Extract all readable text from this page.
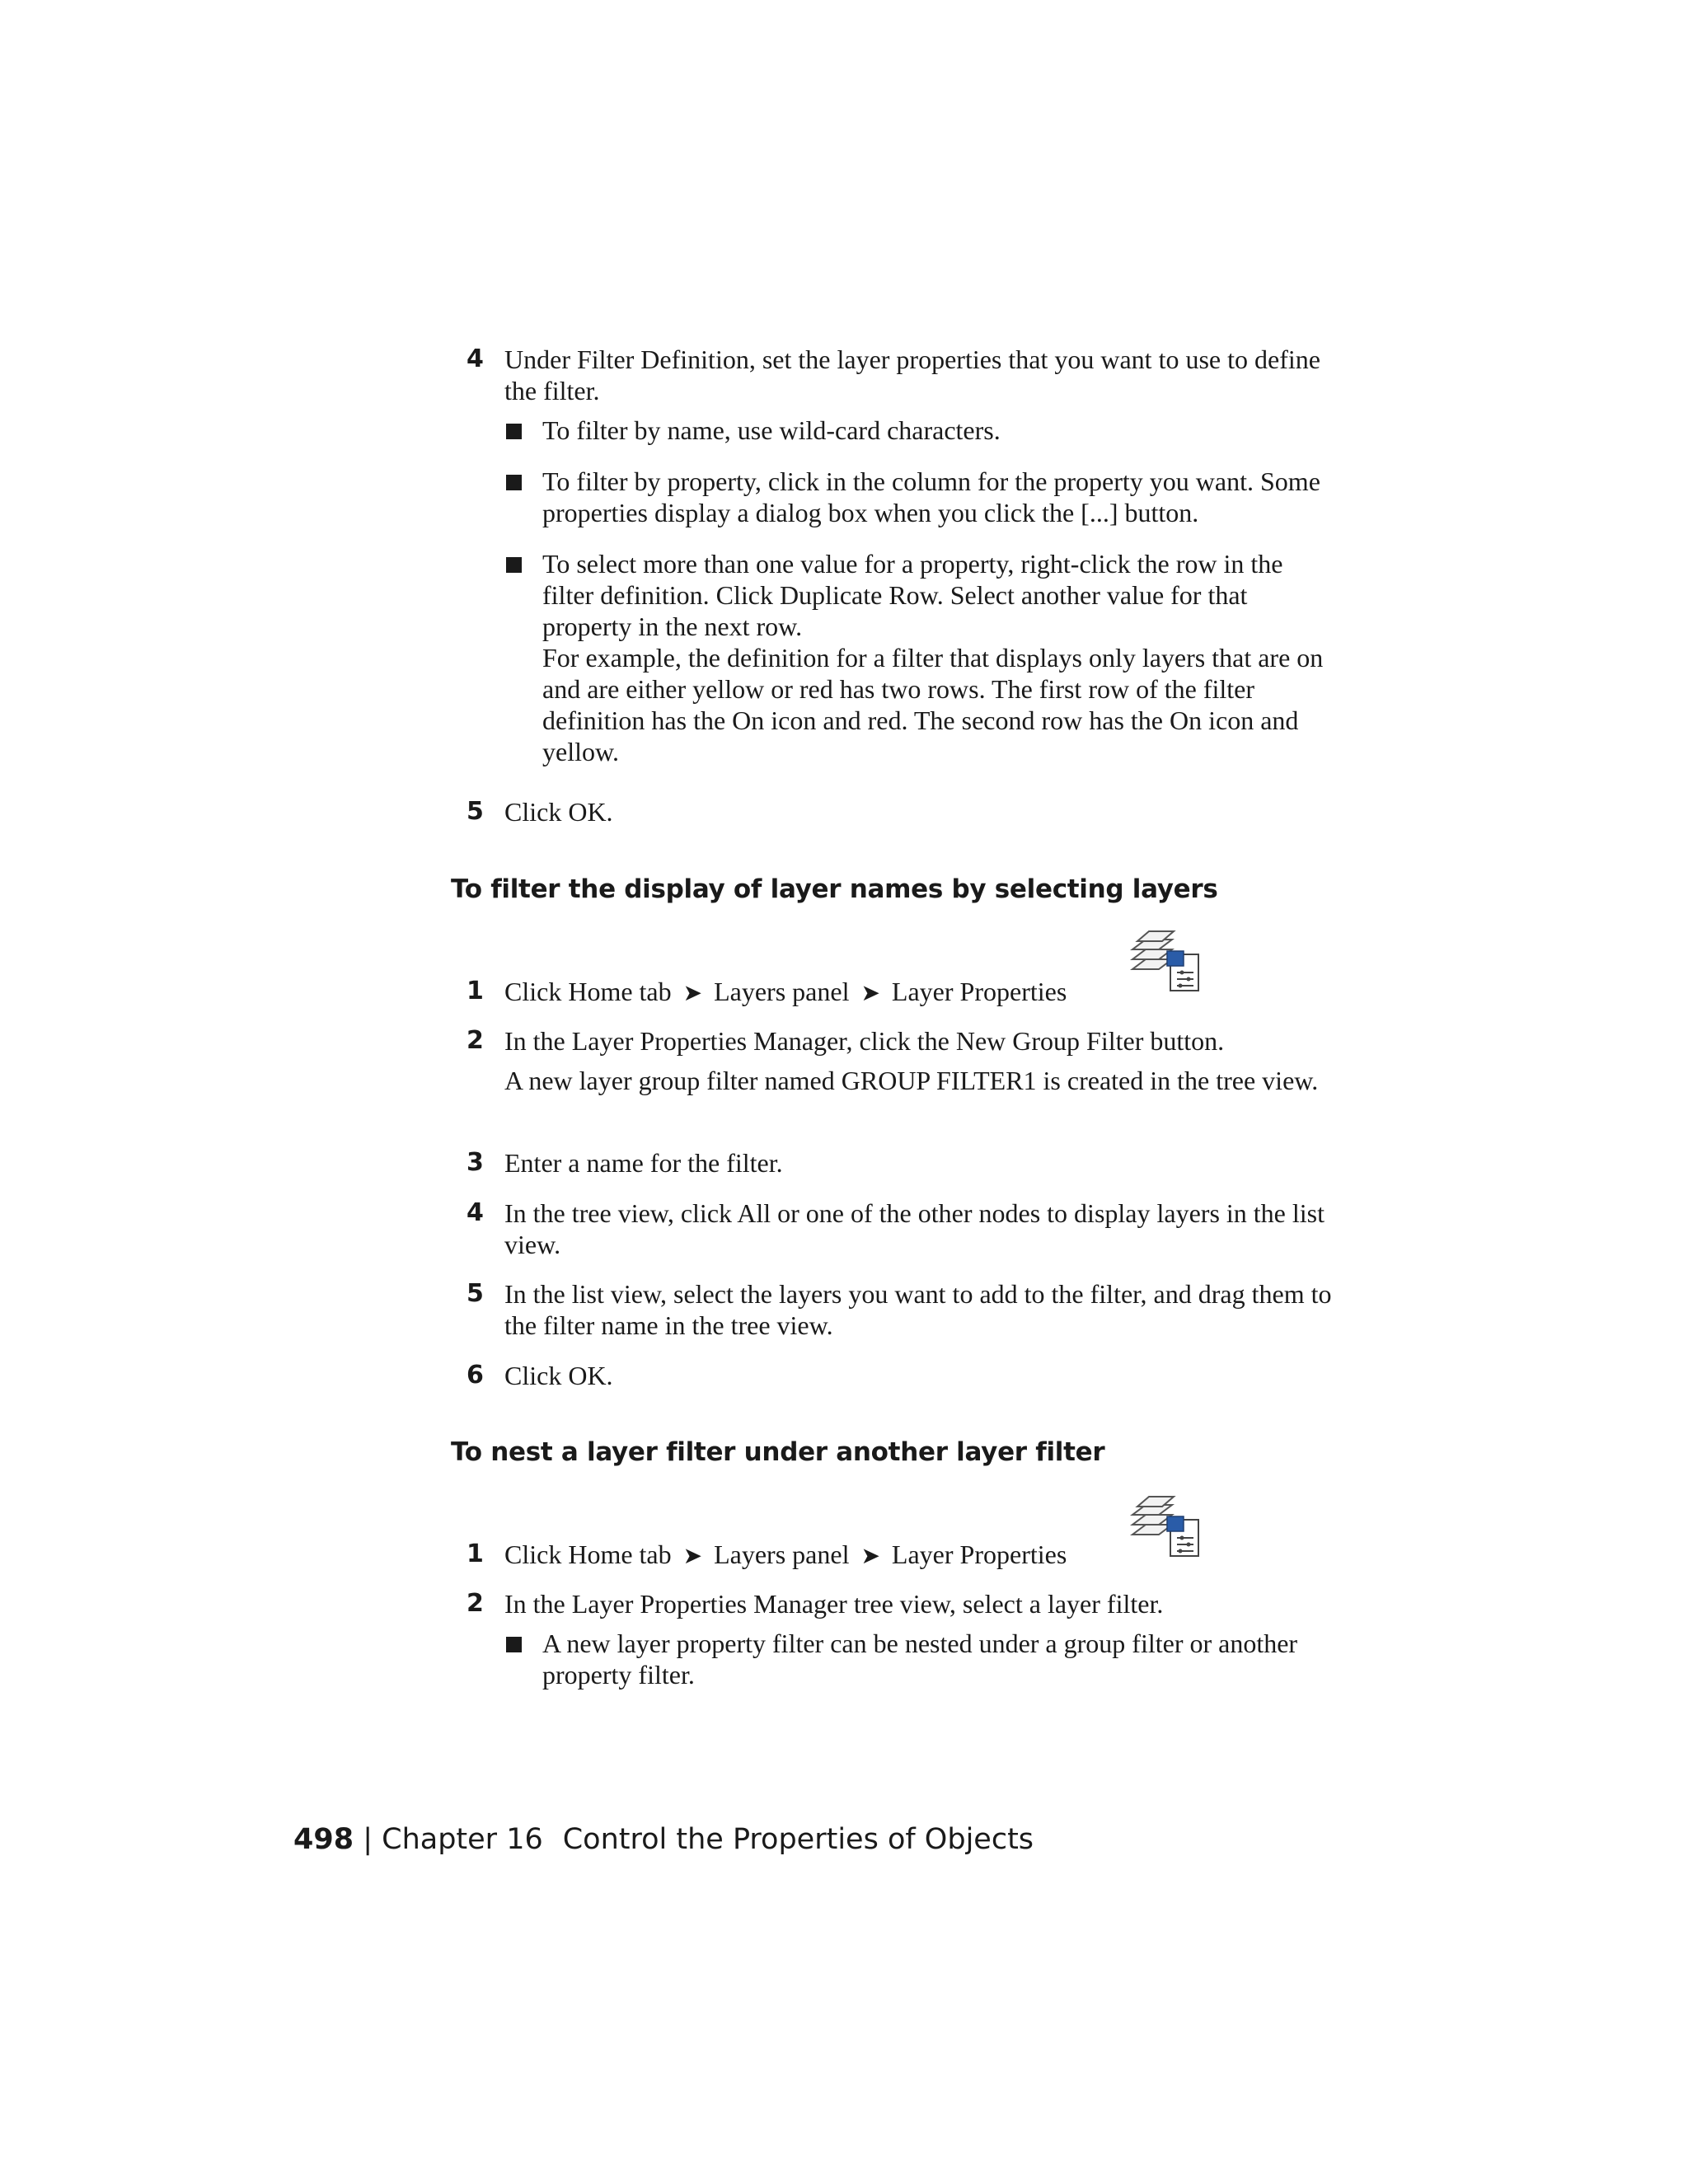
4 Under Filter Definition, set the layer properties that you want to use to define the filter.
To filter by name, use wild-card characters.
To filter by property, click in the column for the property you want. Some properties display a dialog box when you click the [...] button.
To select more than one value for a property, right-click the row in the filter definition. Click Duplicate Row. Select another value for that property in the next row.
For example, the definition for a filter that displays only layers that are on and are either yellow or red has two rows. The first row of the filter definition has the On icon and red. The second row has the On icon and yellow.
5 Click OK.
To filter the display of layer names by selecting layers
1 Click Home tab ➤ Layers panel ➤ Layer Properties
2 In the Layer Properties Manager, click the New Group Filter button.
A new layer group filter named GROUP FILTER1 is created in the tree view.
3 Enter a name for the filter.
4 In the tree view, click All or one of the other nodes to display layers in the list view.
5 In the list view, select the layers you want to add to the filter, and drag them to the filter name in the tree view.
6 Click OK.
To nest a layer filter under another layer filter
1 Click Home tab ➤ Layers panel ➤ Layer Properties
2 In the Layer Properties Manager tree view, select a layer filter.
A new layer property filter can be nested under a group filter or another property filter.
498 | Chapter 16 Control the Properties of Objects
